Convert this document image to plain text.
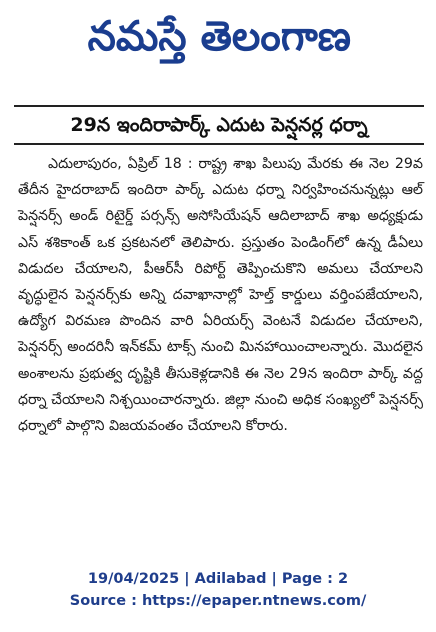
నమస్తే తెలంగాణ
29న ఇందిరాపార్క్ ఎదుట పెన్షనర్ల ధర్నా

ఎదులాపురం, ఏప్రిల్ 18 : రాష్ట్ర శాఖ పిలుపు మేరకు ఈ నెల 29వ తేదీన హైదరాబాద్ ఇందిరా పార్క్ ఎదుట ధర్నా నిర్వహించనున్నట్లు ఆల్ పెన్షనర్స్ అండ్ రిటైర్డ్ పర్సన్స్ అసోసియేషన్ ఆదిలాబాద్ శాఖ అధ్యక్షుడు ఎస్ శశికాంత్ ఒక ప్రకటనలో తెలిపారు. ప్రస్తుతం పెండింగ్‌లో ఉన్న డీఏలు విడుదల చేయాలని, పీఆర్‌సీ రిపోర్ట్ తెప్పించుకొని అమలు చేయాలని వృద్ధులైన పెన్షనర్స్‌కు అన్ని దవాఖానాల్లో హెల్త్ కార్డులు వర్తింపజేయాలని, ఉద్యోగ విరమణ పొందిన వారి ఏరియర్స్ వెంటనే విడుదల చేయాలని, పెన్షనర్స్ అందరినీ ఇన్‌కమ్ టాక్స్ నుంచి మినహాయించాలన్నారు. మొదలైన అంశాలను ప్రభుత్వ దృష్టికి తీసుకెళ్లడానికి ఈ నెల 29న ఇందిరా పార్క్ వద్ద ధర్నా చేయాలని నిశ్చయించారన్నారు. జిల్లా నుంచి అధిక సంఖ్యలో పెన్షనర్స్ ధర్నాలో పాల్గొని విజయవంతం చేయాలని కోరారు.

19/04/2025 | Adilabad | Page : 2
Source : https://epaper.ntnews.com/
